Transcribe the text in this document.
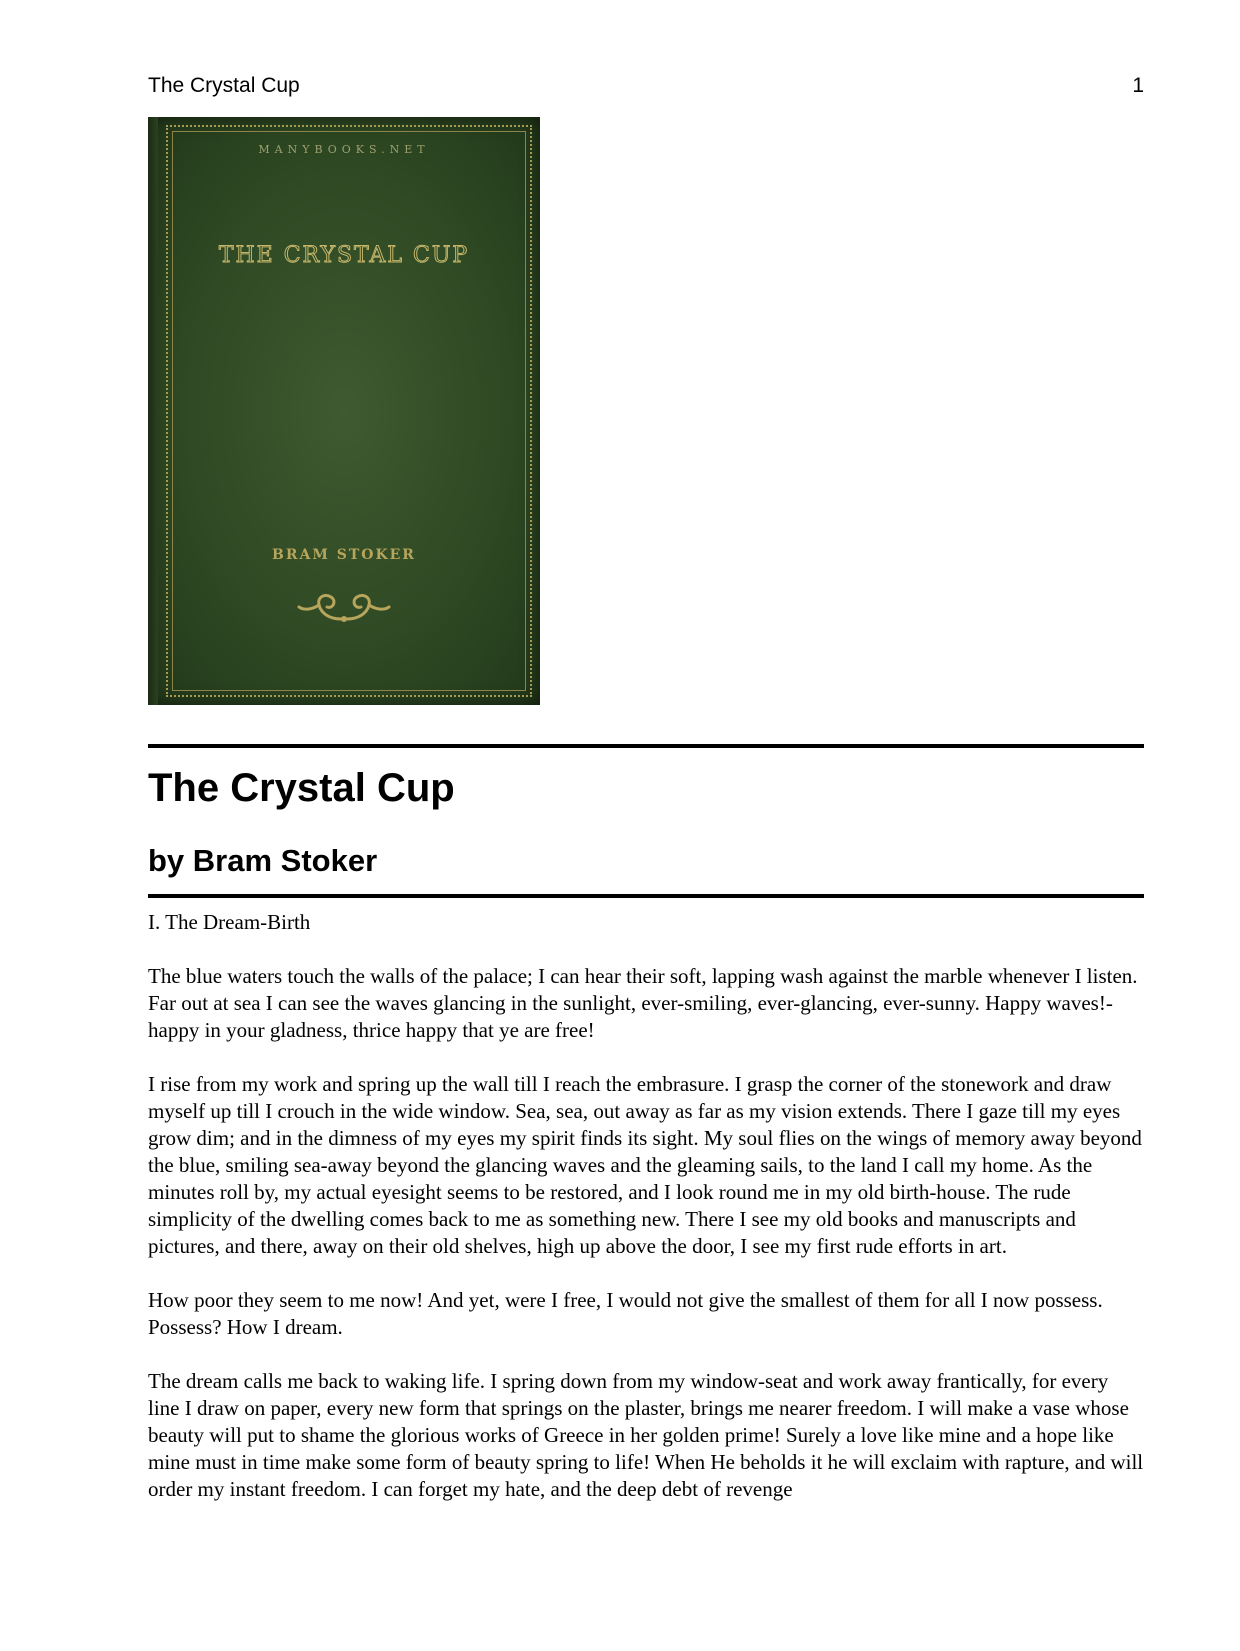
The Crystal Cup	1
MANYBOOKS.NET
THE CRYSTAL CUP
BRAM STOKER
The Crystal Cup
by Bram Stoker

I. The Dream-Birth

The blue waters touch the walls of the palace; I can hear their soft, lapping wash against the marble whenever I listen. Far out at sea I can see the waves glancing in the sunlight, ever-smiling, ever-glancing, ever-sunny. Happy waves!-happy in your gladness, thrice happy that ye are free!

I rise from my work and spring up the wall till I reach the embrasure. I grasp the corner of the stonework and draw myself up till I crouch in the wide window. Sea, sea, out away as far as my vision extends. There I gaze till my eyes grow dim; and in the dimness of my eyes my spirit finds its sight. My soul flies on the wings of memory away beyond the blue, smiling sea-away beyond the glancing waves and the gleaming sails, to the land I call my home. As the minutes roll by, my actual eyesight seems to be restored, and I look round me in my old birth-house. The rude simplicity of the dwelling comes back to me as something new. There I see my old books and manuscripts and pictures, and there, away on their old shelves, high up above the door, I see my first rude efforts in art.

How poor they seem to me now! And yet, were I free, I would not give the smallest of them for all I now possess. Possess? How I dream.

The dream calls me back to waking life. I spring down from my window-seat and work away frantically, for every line I draw on paper, every new form that springs on the plaster, brings me nearer freedom. I will make a vase whose beauty will put to shame the glorious works of Greece in her golden prime! Surely a love like mine and a hope like mine must in time make some form of beauty spring to life! When He beholds it he will exclaim with rapture, and will order my instant freedom. I can forget my hate, and the deep debt of revenge
